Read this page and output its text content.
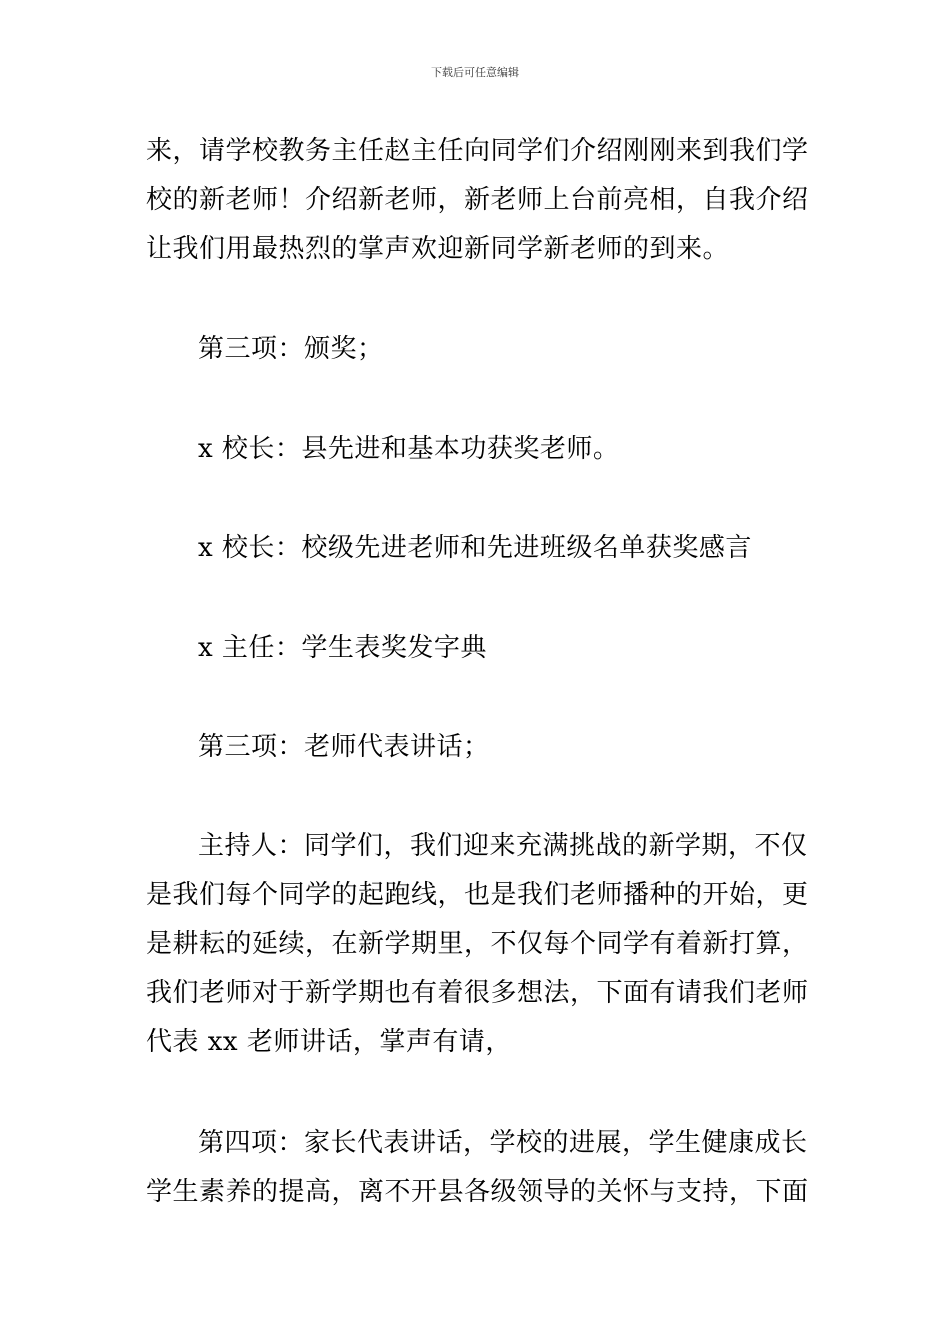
下载后可任意编辑

来，请学校教务主任赵主任向同学们介绍刚刚来到我们学
校的新老师！介绍新老师，新老师上台前亮相，自我介绍
让我们用最热烈的掌声欢迎新同学新老师的到来。

第三项：颁奖；

x 校长：县先进和基本功获奖老师。

x 校长：校级先进老师和先进班级名单获奖感言

x 主任：学生表奖发字典

第三项：老师代表讲话；

主持人：同学们，我们迎来充满挑战的新学期，不仅
是我们每个同学的起跑线，也是我们老师播种的开始，更
是耕耘的延续，在新学期里，不仅每个同学有着新打算，
我们老师对于新学期也有着很多想法，下面有请我们老师
代表 xx 老师讲话，掌声有请，

第四项：家长代表讲话，学校的进展，学生健康成长
学生素养的提高，离不开县各级领导的关怀与支持，下面
